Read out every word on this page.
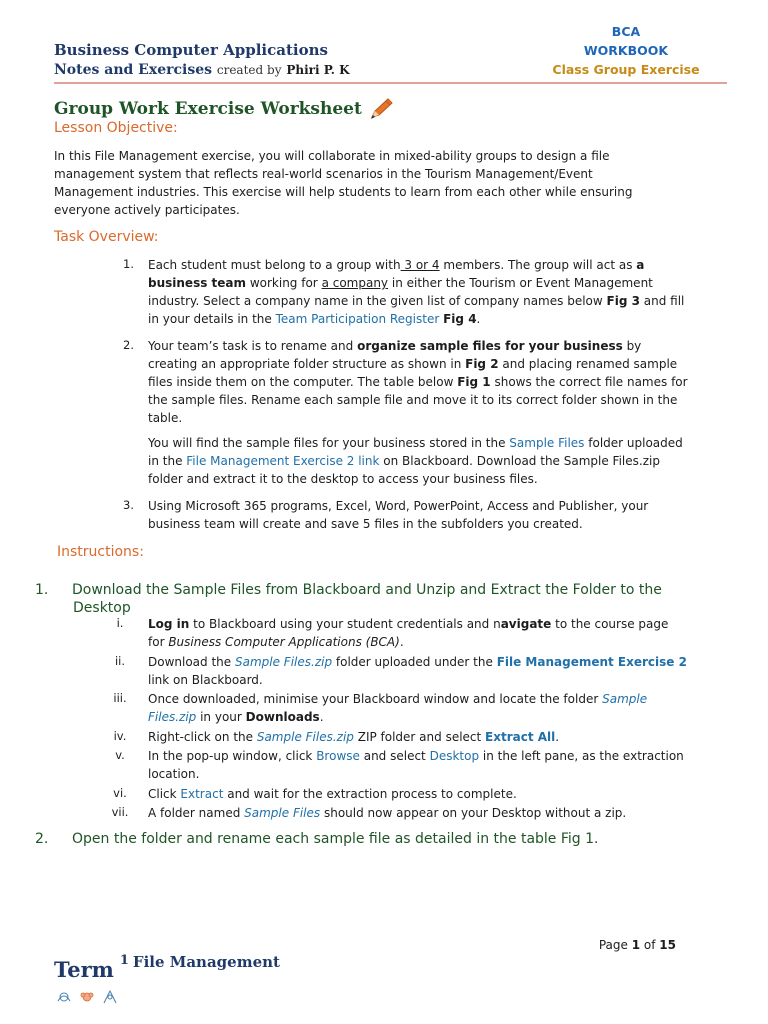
Business Computer Applications
Notes and Exercises created by Phiri P. K
BCA
WORKBOOK
Class Group Exercise
Group Work Exercise Worksheet
Lesson Objective:
In this File Management exercise, you will collaborate in mixed-ability groups to design a file management system that reflects real-world scenarios in the Tourism Management/Event Management industries. This exercise will help students to learn from each other while ensuring everyone actively participates.
Task Overview:
1. Each student must belong to a group with 3 or 4 members. The group will act as a business team working for a company in either the Tourism or Event Management industry. Select a company name in the given list of company names below Fig 3 and fill in your details in the Team Participation Register Fig 4.
2. Your team’s task is to rename and organize sample files for your business by creating an appropriate folder structure as shown in Fig 2 and placing renamed sample files inside them on the computer. The table below Fig 1 shows the correct file names for the sample files. Rename each sample file and move it to its correct folder shown in the table.
You will find the sample files for your business stored in the Sample Files folder uploaded in the File Management Exercise 2 link on Blackboard. Download the Sample Files.zip folder and extract it to the desktop to access your business files.
3. Using Microsoft 365 programs, Excel, Word, PowerPoint, Access and Publisher, your business team will create and save 5 files in the subfolders you created.
Instructions:
1. Download the Sample Files from Blackboard and Unzip and Extract the Folder to the Desktop
i.	Log in to Blackboard using your student credentials and navigate to the course page for Business Computer Applications (BCA).
ii.	Download the Sample Files.zip folder uploaded under the File Management Exercise 2 link on Blackboard.
iii.	Once downloaded, minimise your Blackboard window and locate the folder Sample Files.zip in your Downloads.
iv.	Right-click on the Sample Files.zip ZIP folder and select Extract All.
v.	In the pop-up window, click Browse and select Desktop in the left pane, as the extraction location.
vi.	Click Extract and wait for the extraction process to complete.
vii.	A folder named Sample Files should now appear on your Desktop without a zip.
2. Open the folder and rename each sample file as detailed in the table Fig 1.
Page 1 of 15
Term $^1$ $^{File Management}$
